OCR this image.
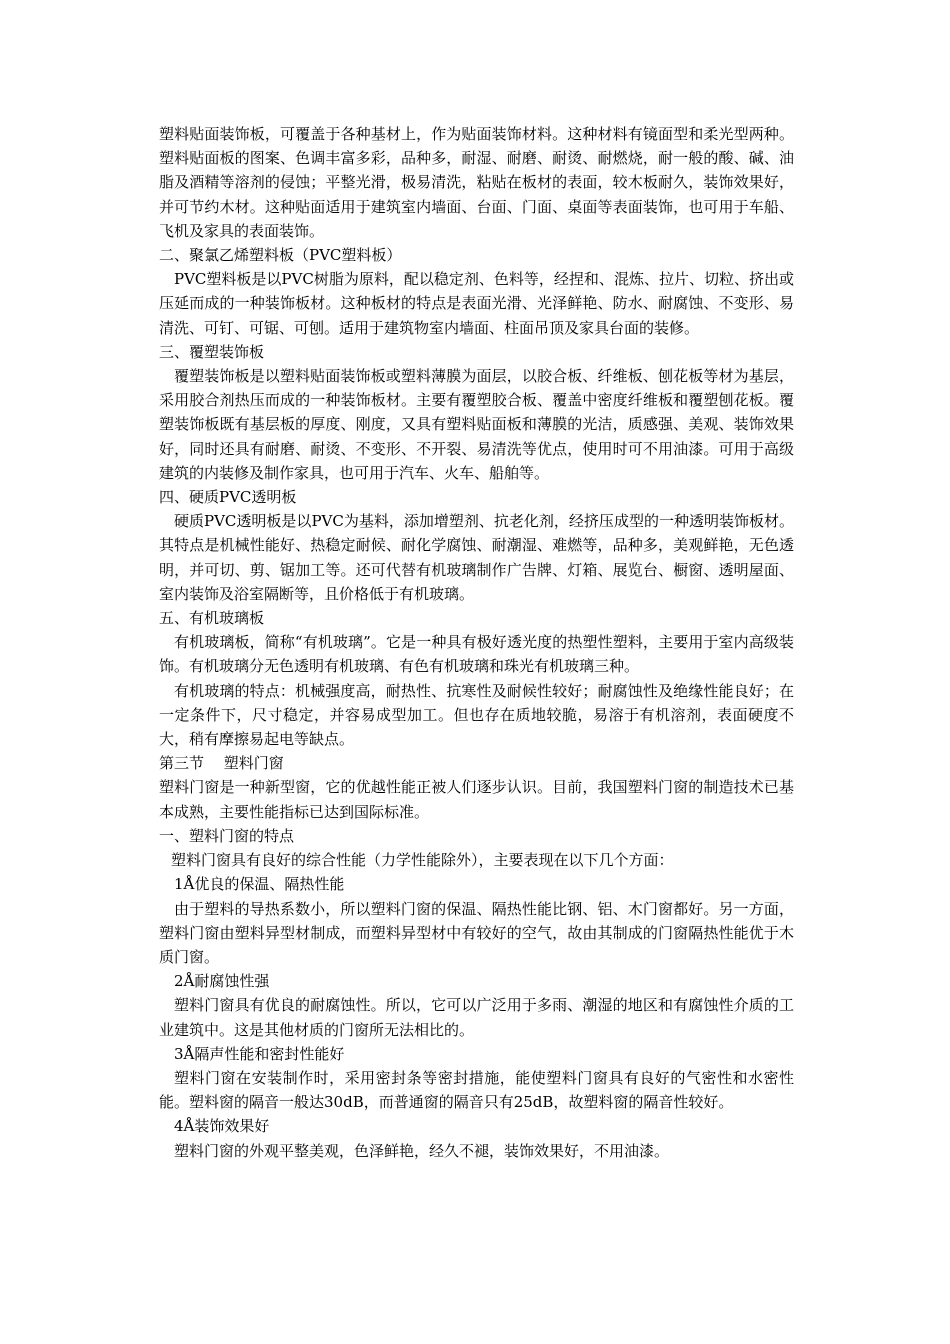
塑料贴面装饰板，可覆盖于各种基材上，作为贴面装饰材料。这种材料有镜面型和柔光型两种。塑料贴面板的图案、色调丰富多彩，品种多，耐湿、耐磨、耐烫、耐燃烧，耐一般的酸、碱、油脂及酒精等溶剂的侵蚀；平整光滑，极易清洗，粘贴在板材的表面，较木板耐久，装饰效果好，并可节约木材。这种贴面适用于建筑室内墙面、台面、门面、桌面等表面装饰，也可用于车船、飞机及家具的表面装饰。

二、聚氯乙烯塑料板（PVC塑料板）

PVC塑料板是以PVC树脂为原料，配以稳定剂、色料等，经捏和、混炼、拉片、切粒、挤出或压延而成的一种装饰板材。这种板材的特点是表面光滑、光泽鲜艳、防水、耐腐蚀、不变形、易清洗、可钉、可锯、可刨。适用于建筑物室内墙面、柱面吊顶及家具台面的装修。

三、覆塑装饰板

覆塑装饰板是以塑料贴面装饰板或塑料薄膜为面层，以胶合板、纤维板、刨花板等材为基层，采用胶合剂热压而成的一种装饰板材。主要有覆塑胶合板、覆盖中密度纤维板和覆塑刨花板。覆塑装饰板既有基层板的厚度、刚度，又具有塑料贴面板和薄膜的光洁，质感强、美观、装饰效果好，同时还具有耐磨、耐烫、不变形、不开裂、易清洗等优点，使用时可不用油漆。可用于高级建筑的内装修及制作家具，也可用于汽车、火车、船舶等。

四、硬质PVC透明板

硬质PVC透明板是以PVC为基料，添加增塑剂、抗老化剂，经挤压成型的一种透明装饰板材。其特点是机械性能好、热稳定耐候、耐化学腐蚀、耐潮湿、难燃等，品种多，美观鲜艳，无色透明，并可切、剪、锯加工等。还可代替有机玻璃制作广告牌、灯箱、展览台、橱窗、透明屋面、室内装饰及浴室隔断等，且价格低于有机玻璃。

五、有机玻璃板

有机玻璃板，简称“有机玻璃”。它是一种具有极好透光度的热塑性塑料，主要用于室内高级装饰。有机玻璃分无色透明有机玻璃、有色有机玻璃和珠光有机玻璃三种。

有机玻璃的特点：机械强度高，耐热性、抗寒性及耐候性较好；耐腐蚀性及绝缘性能良好；在一定条件下，尺寸稳定，并容易成型加工。但也存在质地较脆，易溶于有机溶剂，表面硬度不大，稍有摩擦易起电等缺点。

第三节　 塑料门窗

塑料门窗是一种新型窗，它的优越性能正被人们逐步认识。目前，我国塑料门窗的制造技术已基本成熟，主要性能指标已达到国际标准。

一、塑料门窗的特点

塑料门窗具有良好的综合性能（力学性能除外），主要表现在以下几个方面：

1Å优良的保温、隔热性能

由于塑料的导热系数小，所以塑料门窗的保温、隔热性能比钢、铝、木门窗都好。另一方面，塑料门窗由塑料异型材制成，而塑料异型材中有较好的空气，故由其制成的门窗隔热性能优于木质门窗。

2Å耐腐蚀性强

塑料门窗具有优良的耐腐蚀性。所以，它可以广泛用于多雨、潮湿的地区和有腐蚀性介质的工业建筑中。这是其他材质的门窗所无法相比的。

3Å隔声性能和密封性能好

塑料门窗在安装制作时，采用密封条等密封措施，能使塑料门窗具有良好的气密性和水密性能。塑料窗的隔音一般达30dB，而普通窗的隔音只有25dB，故塑料窗的隔音性较好。

4Å装饰效果好

塑料门窗的外观平整美观，色泽鲜艳，经久不褪，装饰效果好，不用油漆。
